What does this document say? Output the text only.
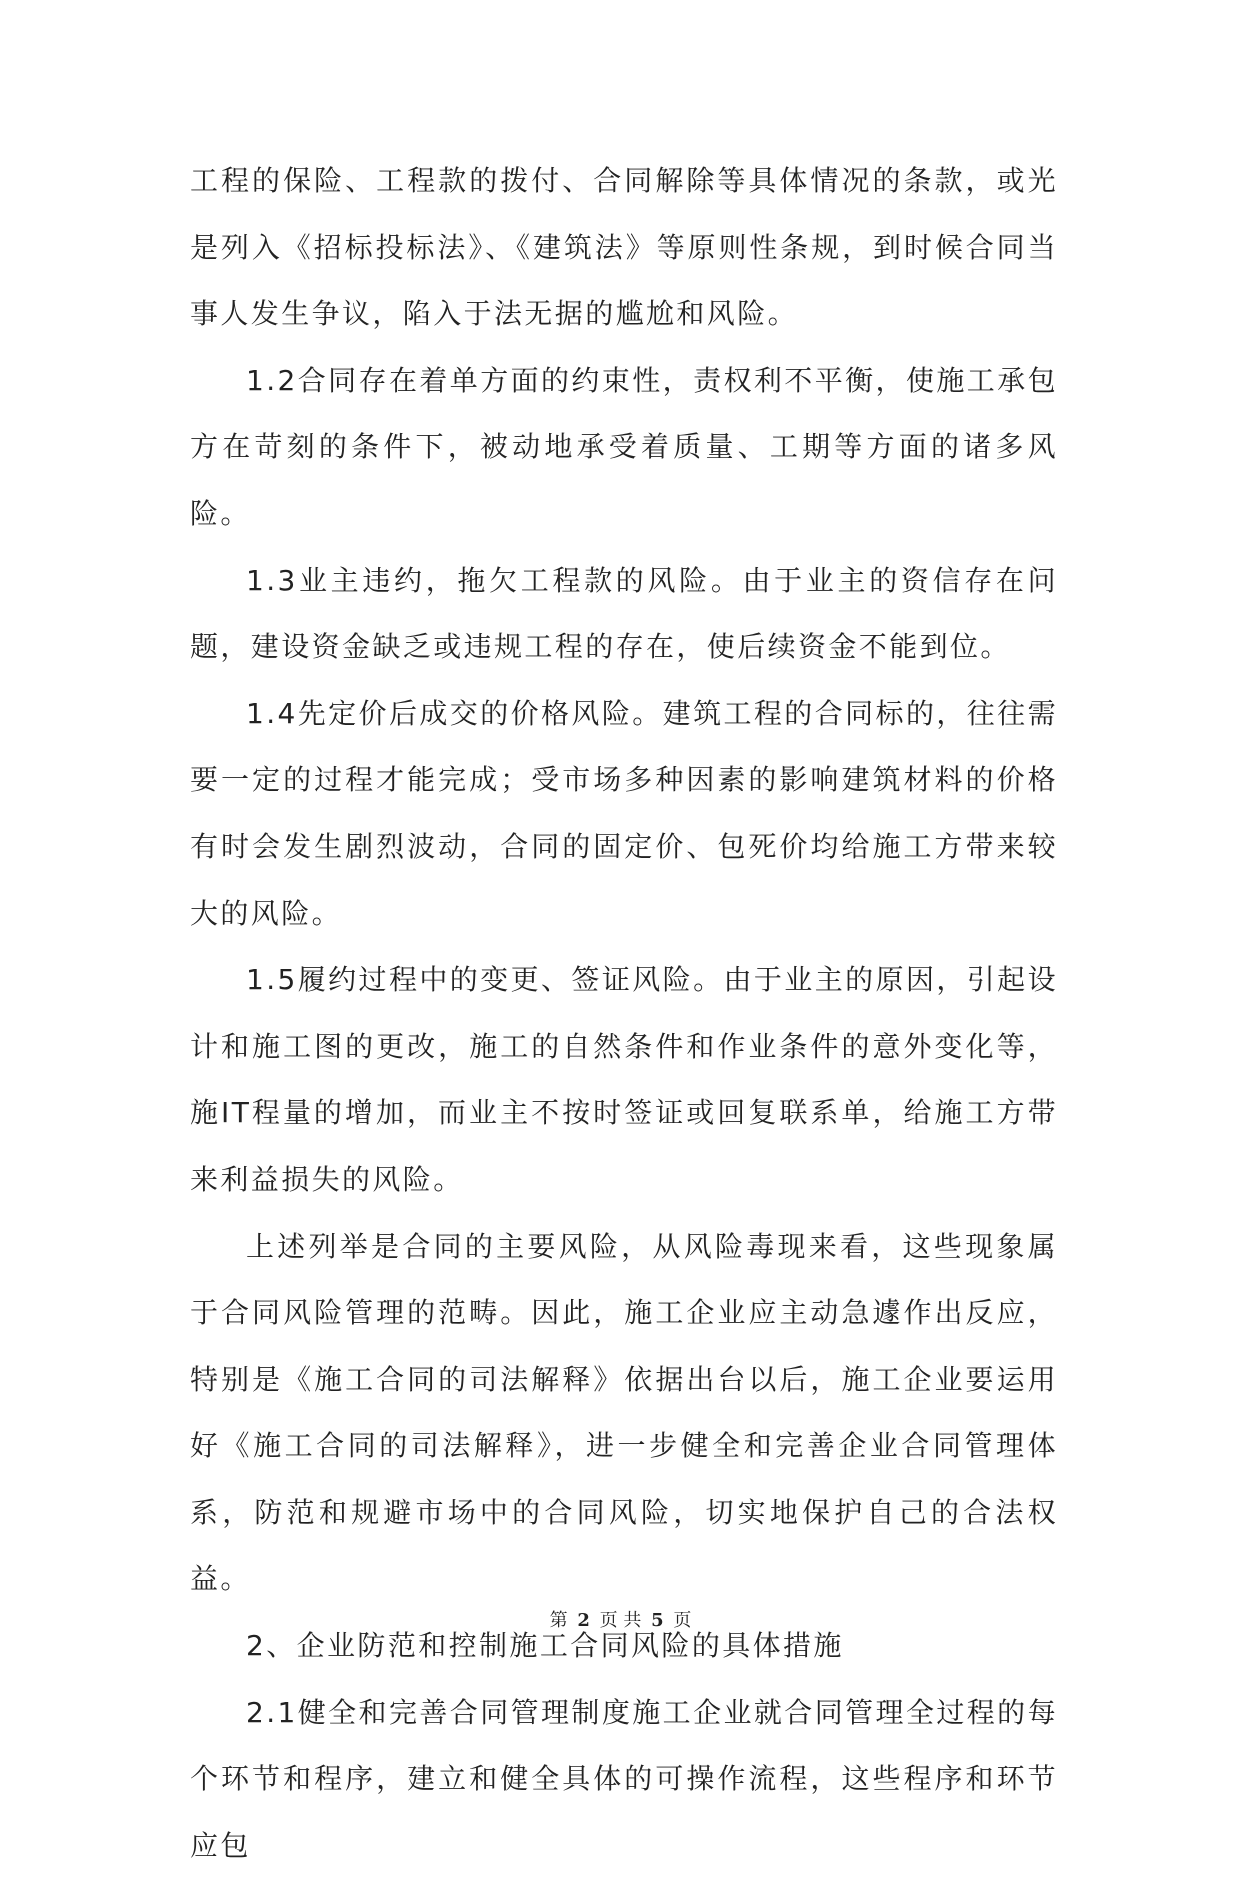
工程的保险、工程款的拨付、合同解除等具体情况的条款，或光是列入《招标投标法》、《建筑法》等原则性条规，到时候合同当事人发生争议，陷入于法无据的尴尬和风险。

1.2合同存在着单方面的约束性，责权利不平衡，使施工承包方在苛刻的条件下，被动地承受着质量、工期等方面的诸多风险。

1.3业主违约，拖欠工程款的风险。由于业主的资信存在问题，建设资金缺乏或违规工程的存在，使后续资金不能到位。

1.4先定价后成交的价格风险。建筑工程的合同标的，往往需要一定的过程才能完成；受市场多种因素的影响建筑材料的价格有时会发生剧烈波动，合同的固定价、包死价均给施工方带来较大的风险。

1.5履约过程中的变更、签证风险。由于业主的原因，引起设计和施工图的更改，施工的自然条件和作业条件的意外变化等，施IT程量的增加，而业主不按时签证或回复联系单，给施工方带来利益损失的风险。

上述列举是合同的主要风险，从风险毒现来看，这些现象属于合同风险管理的范畴。因此，施工企业应主动急遽作出反应，特别是《施工合同的司法解释》依据出台以后，施工企业要运用好《施工合同的司法解释》，进一步健全和完善企业合同管理体系，防范和规避市场中的合同风险，切实地保护自己的合法权益。

2、企业防范和控制施工合同风险的具体措施

2.1健全和完善合同管理制度施工企业就合同管理全过程的每个环节和程序，建立和健全具体的可操作流程，这些程序和环节应包

第 2 页 共 5 页
